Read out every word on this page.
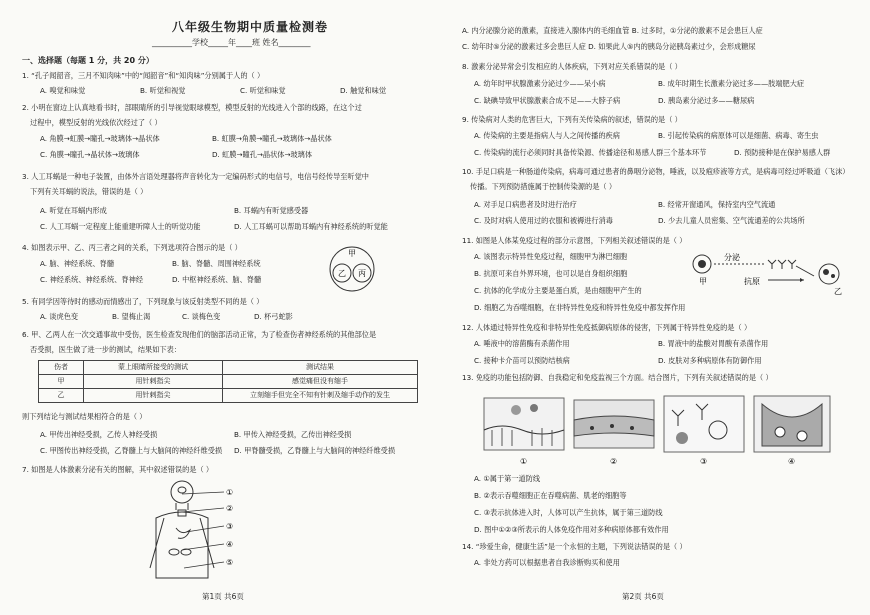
八年级生物期中质量检测卷
__________学校_____年____班 姓名________
一、选择题（每题 1 分，共 20 分）
1. “孔子闻韶音，三月不知肉味”中的“闻韶音”和“知肉味”分别属于人的（ ）
A. 嗅觉和味觉	B. 听觉和视觉	C. 听觉和味觉	D. 触觉和味觉
2. 小明在窗边上认真地看书时，部眼睛所的引导视觉眼球模型，模型反射的光线进入个部的线路，在这个过
过程中，模型反射的光线依次经过了（ ）
A. 角膜→虹膜→瞳孔→玻璃体→晶状体	B. 虹膜→角膜→瞳孔→玻璃体→晶状体
C. 角膜→瞳孔→晶状体→玻璃体	D. 虹膜→瞳孔→晶状体→玻璃体
3. 人工耳蜗是一种电子装置，由体外言语处理器将声音转化为一定编码形式的电信号，电信号经传导至听觉中
下列有关耳蜗的说法，错误的是（ ）
A. 听觉在耳蜗内形成	B. 耳蜗内有听觉感受器
C. 人工耳蜗一定程度上能重建听障人士的听觉功能	D. 人工耳蜗可以帮助耳蜗内有神经系统的听觉能
4. 如图表示甲、乙、丙三者之间的关系，下列选项符合图示的是（ ）
A. 脑、神经系统、脊髓	B. 脑、脊髓、周围神经系统
C. 神经系统、神经系统、脊神经	D. 中枢神经系统、脑、脊髓
甲
乙 丙
5. 有同学因等待时的感动而情感出了，下列现象与该反射类型不同的是（ ）
A. 谈虎色变	B. 望梅止渴	C. 谈梅色变	D. 杯弓蛇影
6. 甲、乙两人在一次交通事故中受伤，医生检查发现他们的脑部活动正常，为了检查伤者神经系统的其他部位是
否受损，医生做了进一步的测试，结果如下表：
伤者	蒙上眼睛所接受的测试	测试结果
甲	用针刺指尖	感觉痛但没有缩手
乙	用针刺指尖	立刻缩手但完全不知有针刺及缩手动作的发生
则下列结论与测试结果相符合的是（ ）
A. 甲传出神经受损，乙传人神经受损	B. 甲传入神经受损，乙传出神经受损
C. 甲图传出神经受损，乙脊髓上与大脑间的神经纤维受损 D. 甲脊髓受损，乙脊髓上与大脑间的神经纤维受损
7. 如图是人体激素分泌有关的图解，其中叙述错误的是（ ）
①
②
③
④
⑤
第1页 共6页
A. 内分泌腺分泌的激素，直接进入腺体内的毛细血管 B. 过多时，①分泌的激素不足会患巨人症
C. 幼年时⑤分泌的激素过多会患巨人症 D. 如果此人⑤内的胰岛分泌胰岛素过少，会形成糖尿
8. 激素分泌异常会引发相应的人体疾病，下列对应关系错误的是（ ）
A. 幼年时甲状腺激素分泌过少——呆小病	B. 成年时期生长激素分泌过多——肢端肥大症
C. 缺碘导致甲状腺激素合成不足——大脖子病	D. 胰岛素分泌过多——糖尿病
9. 传染病对人类的危害巨大，下列有关传染病的叙述，错误的是（ ）
A. 传染病的主要是指病人与人之间传播的疾病	B. 引起传染病的病原体可以是细菌、病毒、寄生虫
C. 传染病的流行必须同时具备传染源、传播途径和易感人群三个基本环节	D. 预防接种是在保护易感人群
10. 手足口病是一种肠道传染病，病毒可通过患者的鼻咽分泌物，唾液，以及疱疹液等方式，是病毒可经过呼吸道（飞沫）
传播。下列预防措施属于控制传染源的是（ ）
A. 对手足口病患者及时进行治疗	B. 经常开窗通风，保持室内空气流通
C. 及时对病人使用过的衣服和被褥进行消毒	D. 少去儿童人员密集、空气流通差的公共场所
11. 如图是人体某免疫过程的部分示意图，下列相关叙述错误的是（ ）
A. 该图表示特异性免疫过程，细胞甲为淋巴细胞
B. 抗原可来自外界环境，也可以是自身组织细胞
C. 抗体的化学成分主要是蛋白质，是由细胞甲产生的
D. 细胞乙为吞噬细胞，在非特异性免疫和特异性免疫中都发挥作用
甲
分泌
抗原
乙
12. 人体通过特异性免疫和非特异性免疫抵御病原体的侵害，下列属于特异性免疫的是（ ）
A. 唾液中的溶菌酶有杀菌作用	B. 胃液中的盐酸对胃酸有杀菌作用
C. 接种卡介苗可以预防结核病	D. 皮肤对多种病原体有防御作用
13. 免疫的功能包括防御、自我稳定和免疫监视三个方面。结合图片，下列有关叙述错误的是（ ）
①	②	③	④
A. ①属于第一道防线
B. ②表示吞噬细胞正在吞噬病菌、肌老的细胞等
C. ③表示抗体进入时，人体可以产生抗体，属于第三道防线
D. 图中①②③所表示的人体免疫作用对多种病原体都有效作用
14. “珍爱生命，健康生活”是一个永恒的主题，下列说法错误的是（ ）
A. 非处方药可以根据患者自我诊断购买和使用
第2页 共6页
